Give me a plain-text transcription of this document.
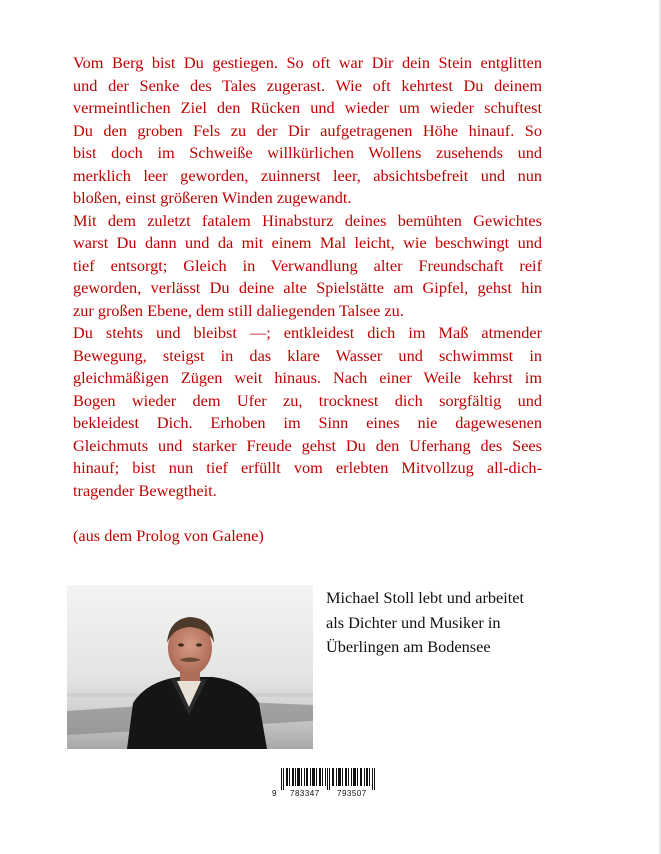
Vom Berg bist Du gestiegen. So oft war Dir dein Stein entglitten
und der Senke des Tales zugerast. Wie oft kehrtest Du deinem
vermeintlichen Ziel den Rücken und wieder um wieder schuftest
Du den groben Fels zu der Dir aufgetragenen Höhe hinauf. So
bist doch im Schweiße willkürlichen Wollens zusehends und
merklich leer geworden, zuinnerst leer, absichtsbefreit und nun
bloßen, einst größeren Winden zugewandt.

Mit dem zuletzt fatalem Hinabsturz deines bemühten Gewichtes
warst Du dann und da mit einem Mal leicht, wie beschwingt und
tief entsorgt; Gleich in Verwandlung alter Freundschaft reif
geworden, verlässt Du deine alte Spielstätte am Gipfel, gehst hin
zur großen Ebene, dem still daliegenden Talsee zu.

Du stehts und bleibst —; entkleidest dich im Maß atmender
Bewegung, steigst in das klare Wasser und schwimmst in
gleichmäßigen Zügen weit hinaus. Nach einer Weile kehrst im
Bogen wieder dem Ufer zu, trocknest dich sorgfältig und
bekleidest Dich. Erhoben im Sinn eines nie dagewesenen
Gleichmuts und starker Freude gehst Du den Uferhang des Sees
hinauf; bist nun tief erfüllt vom erlebten Mitvollzug all-dich-
tragender Bewegtheit.

(aus dem Prolog von Galene)
Michael Stoll lebt und arbeitet
als Dichter und Musiker in
Überlingen am Bodensee
9 783347 793507
